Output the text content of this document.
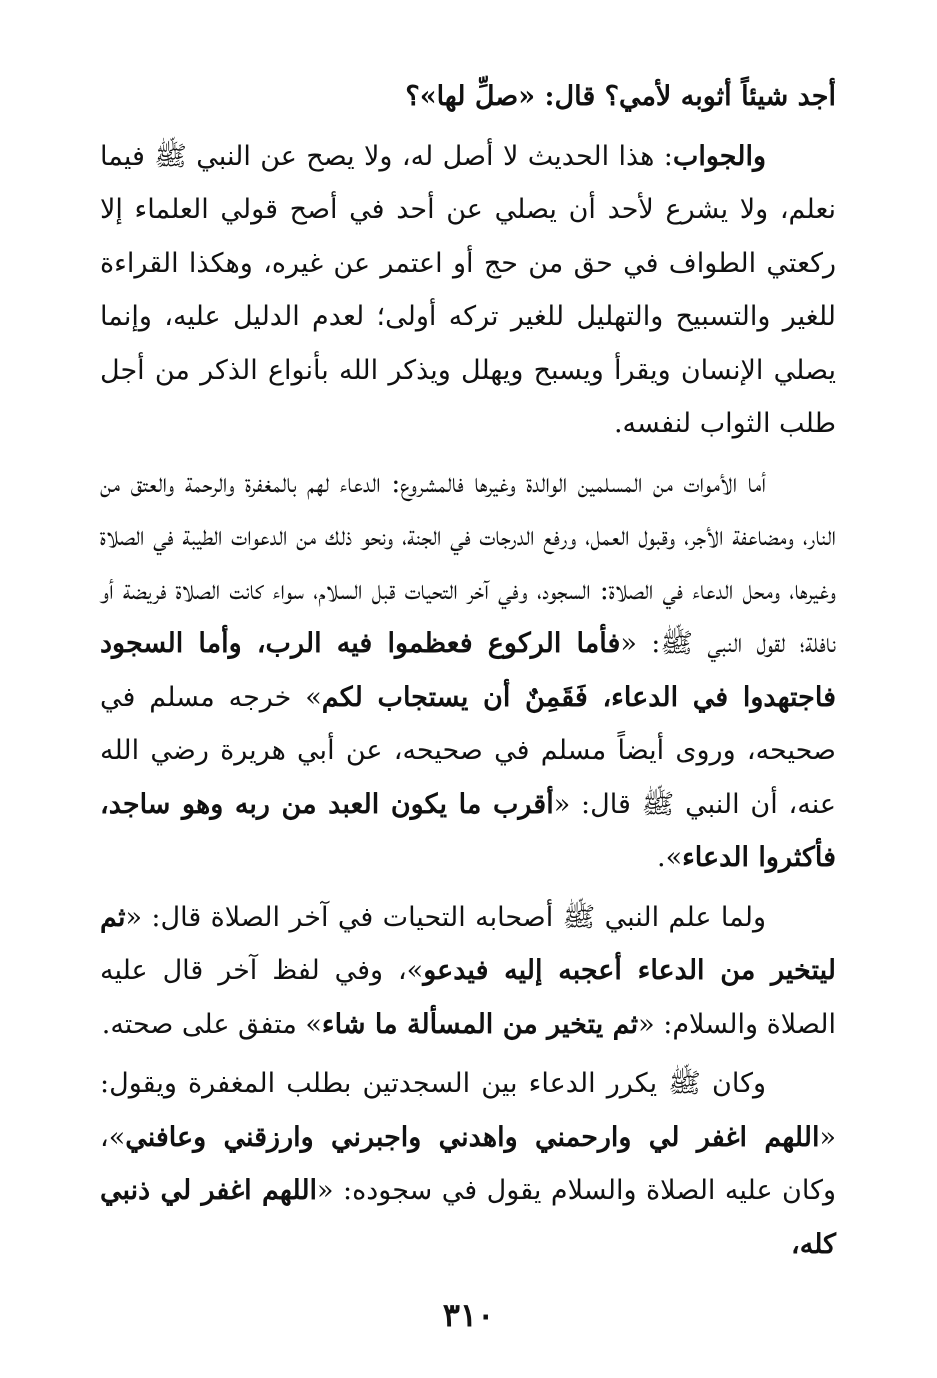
أجد شيئاً أثوبه لأمي؟ قال: «صلِّ لها»؟

والجواب: هذا الحديث لا أصل له، ولا يصح عن النبي ﷺ فيما نعلم، ولا يشرع لأحد أن يصلي عن أحد في أصح قولي العلماء إلا ركعتي الطواف في حق من حج أو اعتمر عن غيره، وهكذا القراءة للغير والتسبيح والتهليل للغير تركه أولى؛ لعدم الدليل عليه، وإنما يصلي الإنسان ويقرأ ويسبح ويهلل ويذكر الله بأنواع الذكر من أجل طلب الثواب لنفسه.

أما الأموات من المسلمين الوالدة وغيرها فالمشروع: الدعاء لهم بالمغفرة والرحمة والعتق من النار، ومضاعفة الأجر، وقبول العمل، ورفع الدرجات في الجنة، ونحو ذلك من الدعوات الطيبة في الصلاة وغيرها، ومحل الدعاء في الصلاة: السجود، وفي آخر التحيات قبل السلام، سواء كانت الصلاة فريضة أو نافلة؛ لقول النبي ﷺ: «فأما الركوع فعظموا فيه الرب، وأما السجود فاجتهدوا في الدعاء، فَقَمِنٌ أن يستجاب لكم» خرجه مسلم في صحيحه، وروى أيضاً مسلم في صحيحه، عن أبي هريرة رضي الله عنه، أن النبي ﷺ قال: «أقرب ما يكون العبد من ربه وهو ساجد، فأكثروا الدعاء».

ولما علم النبي ﷺ أصحابه التحيات في آخر الصلاة قال: «ثم ليتخير من الدعاء أعجبه إليه فيدعو»، وفي لفظ آخر قال عليه الصلاة والسلام: «ثم يتخير من المسألة ما شاء» متفق على صحته.

وكان ﷺ يكرر الدعاء بين السجدتين بطلب المغفرة ويقول: «اللهم اغفر لي وارحمني واهدني واجبرني وارزقني وعافني»، وكان عليه الصلاة والسلام يقول في سجوده: «اللهم اغفر لي ذنبي كله،

٣١٠
